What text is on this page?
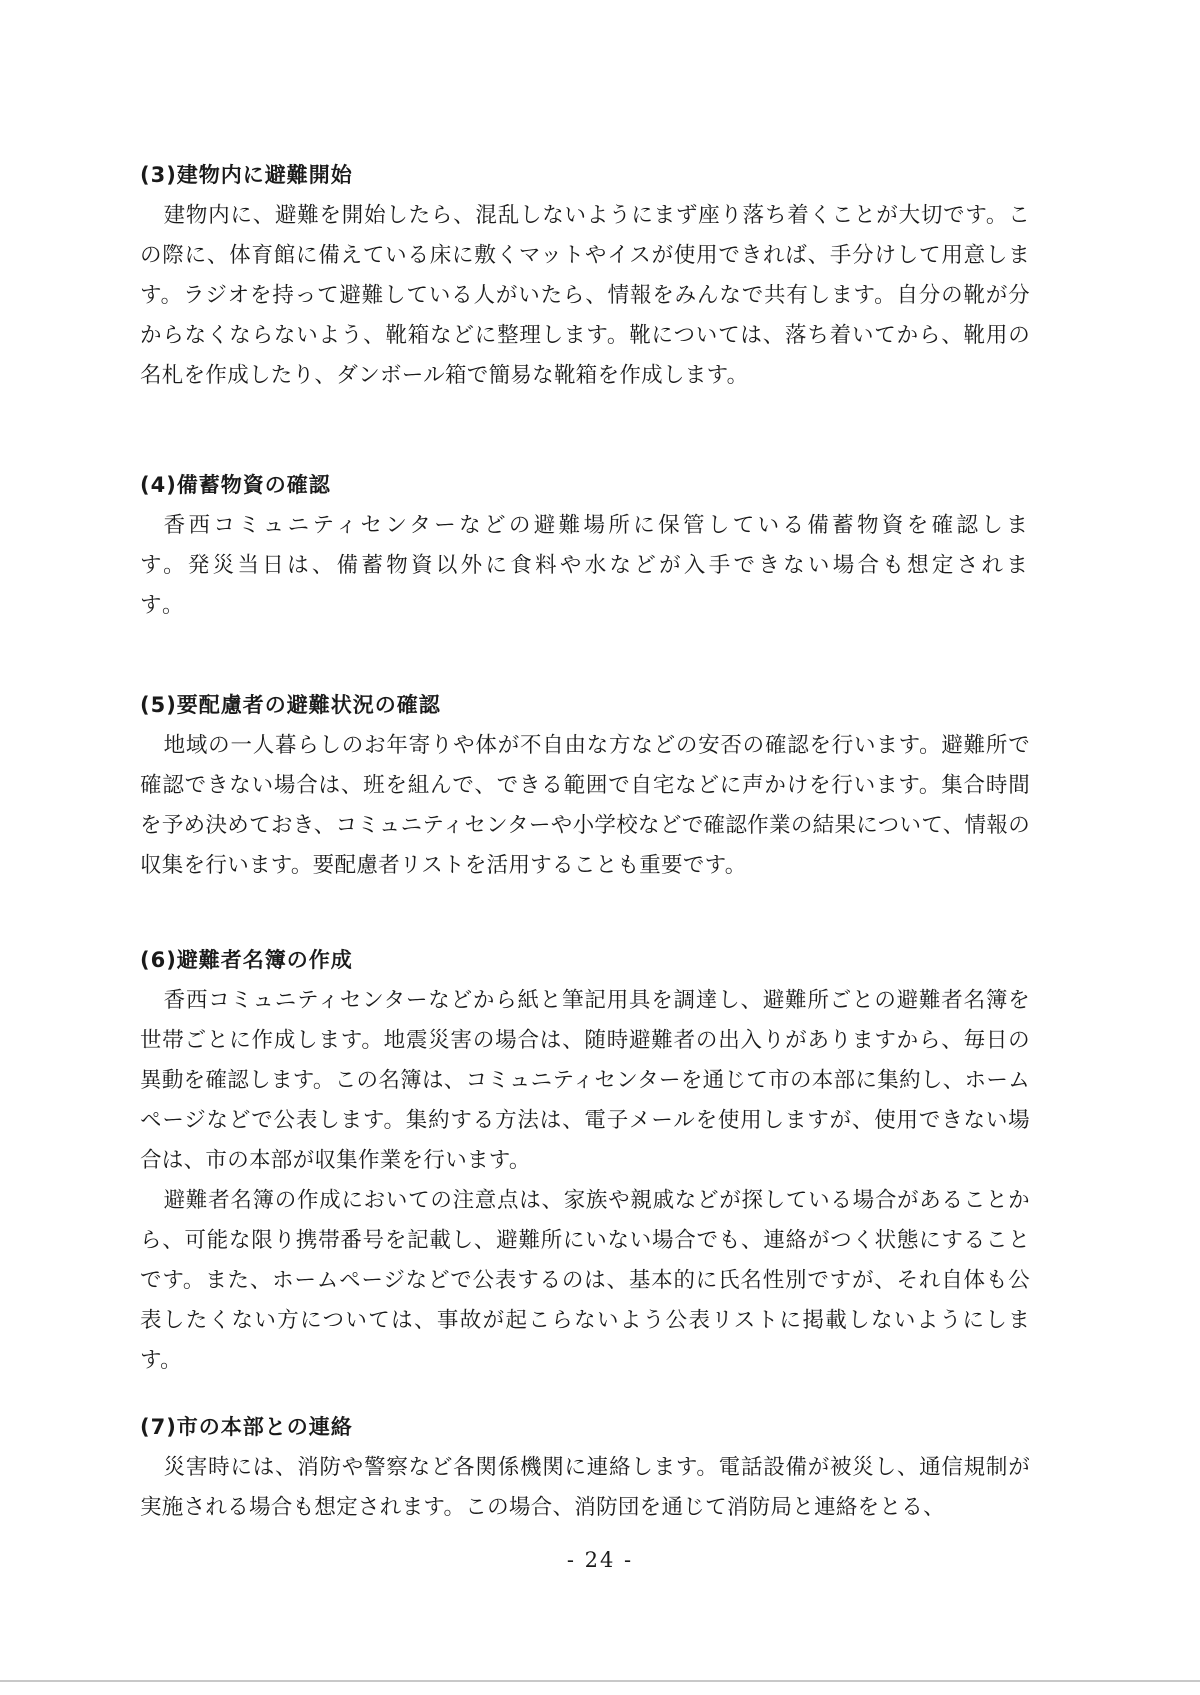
(3)建物内に避難開始

建物内に、避難を開始したら、混乱しないようにまず座り落ち着くことが大切です。この際に、体育館に備えている床に敷くマットやイスが使用できれば、手分けして用意します。ラジオを持って避難している人がいたら、情報をみんなで共有します。自分の靴が分からなくならないよう、靴箱などに整理します。靴については、落ち着いてから、靴用の名札を作成したり、ダンボール箱で簡易な靴箱を作成します。

(4)備蓄物資の確認

香西コミュニティセンターなどの避難場所に保管している備蓄物資を確認します。発災当日は、備蓄物資以外に食料や水などが入手できない場合も想定されます。

(5)要配慮者の避難状況の確認

地域の一人暮らしのお年寄りや体が不自由な方などの安否の確認を行います。避難所で確認できない場合は、班を組んで、できる範囲で自宅などに声かけを行います。集合時間を予め決めておき、コミュニティセンターや小学校などで確認作業の結果について、情報の収集を行います。要配慮者リストを活用することも重要です。

(6)避難者名簿の作成

香西コミュニティセンターなどから紙と筆記用具を調達し、避難所ごとの避難者名簿を世帯ごとに作成します。地震災害の場合は、随時避難者の出入りがありますから、毎日の異動を確認します。この名簿は、コミュニティセンターを通じて市の本部に集約し、ホームページなどで公表します。集約する方法は、電子メールを使用しますが、使用できない場合は、市の本部が収集作業を行います。

避難者名簿の作成においての注意点は、家族や親戚などが探している場合があることから、可能な限り携帯番号を記載し、避難所にいない場合でも、連絡がつく状態にすることです。また、ホームページなどで公表するのは、基本的に氏名性別ですが、それ自体も公表したくない方については、事故が起こらないよう公表リストに掲載しないようにします。

(7)市の本部との連絡

災害時には、消防や警察など各関係機関に連絡します。電話設備が被災し、通信規制が実施される場合も想定されます。この場合、消防団を通じて消防局と連絡をとる、

- 24 -
